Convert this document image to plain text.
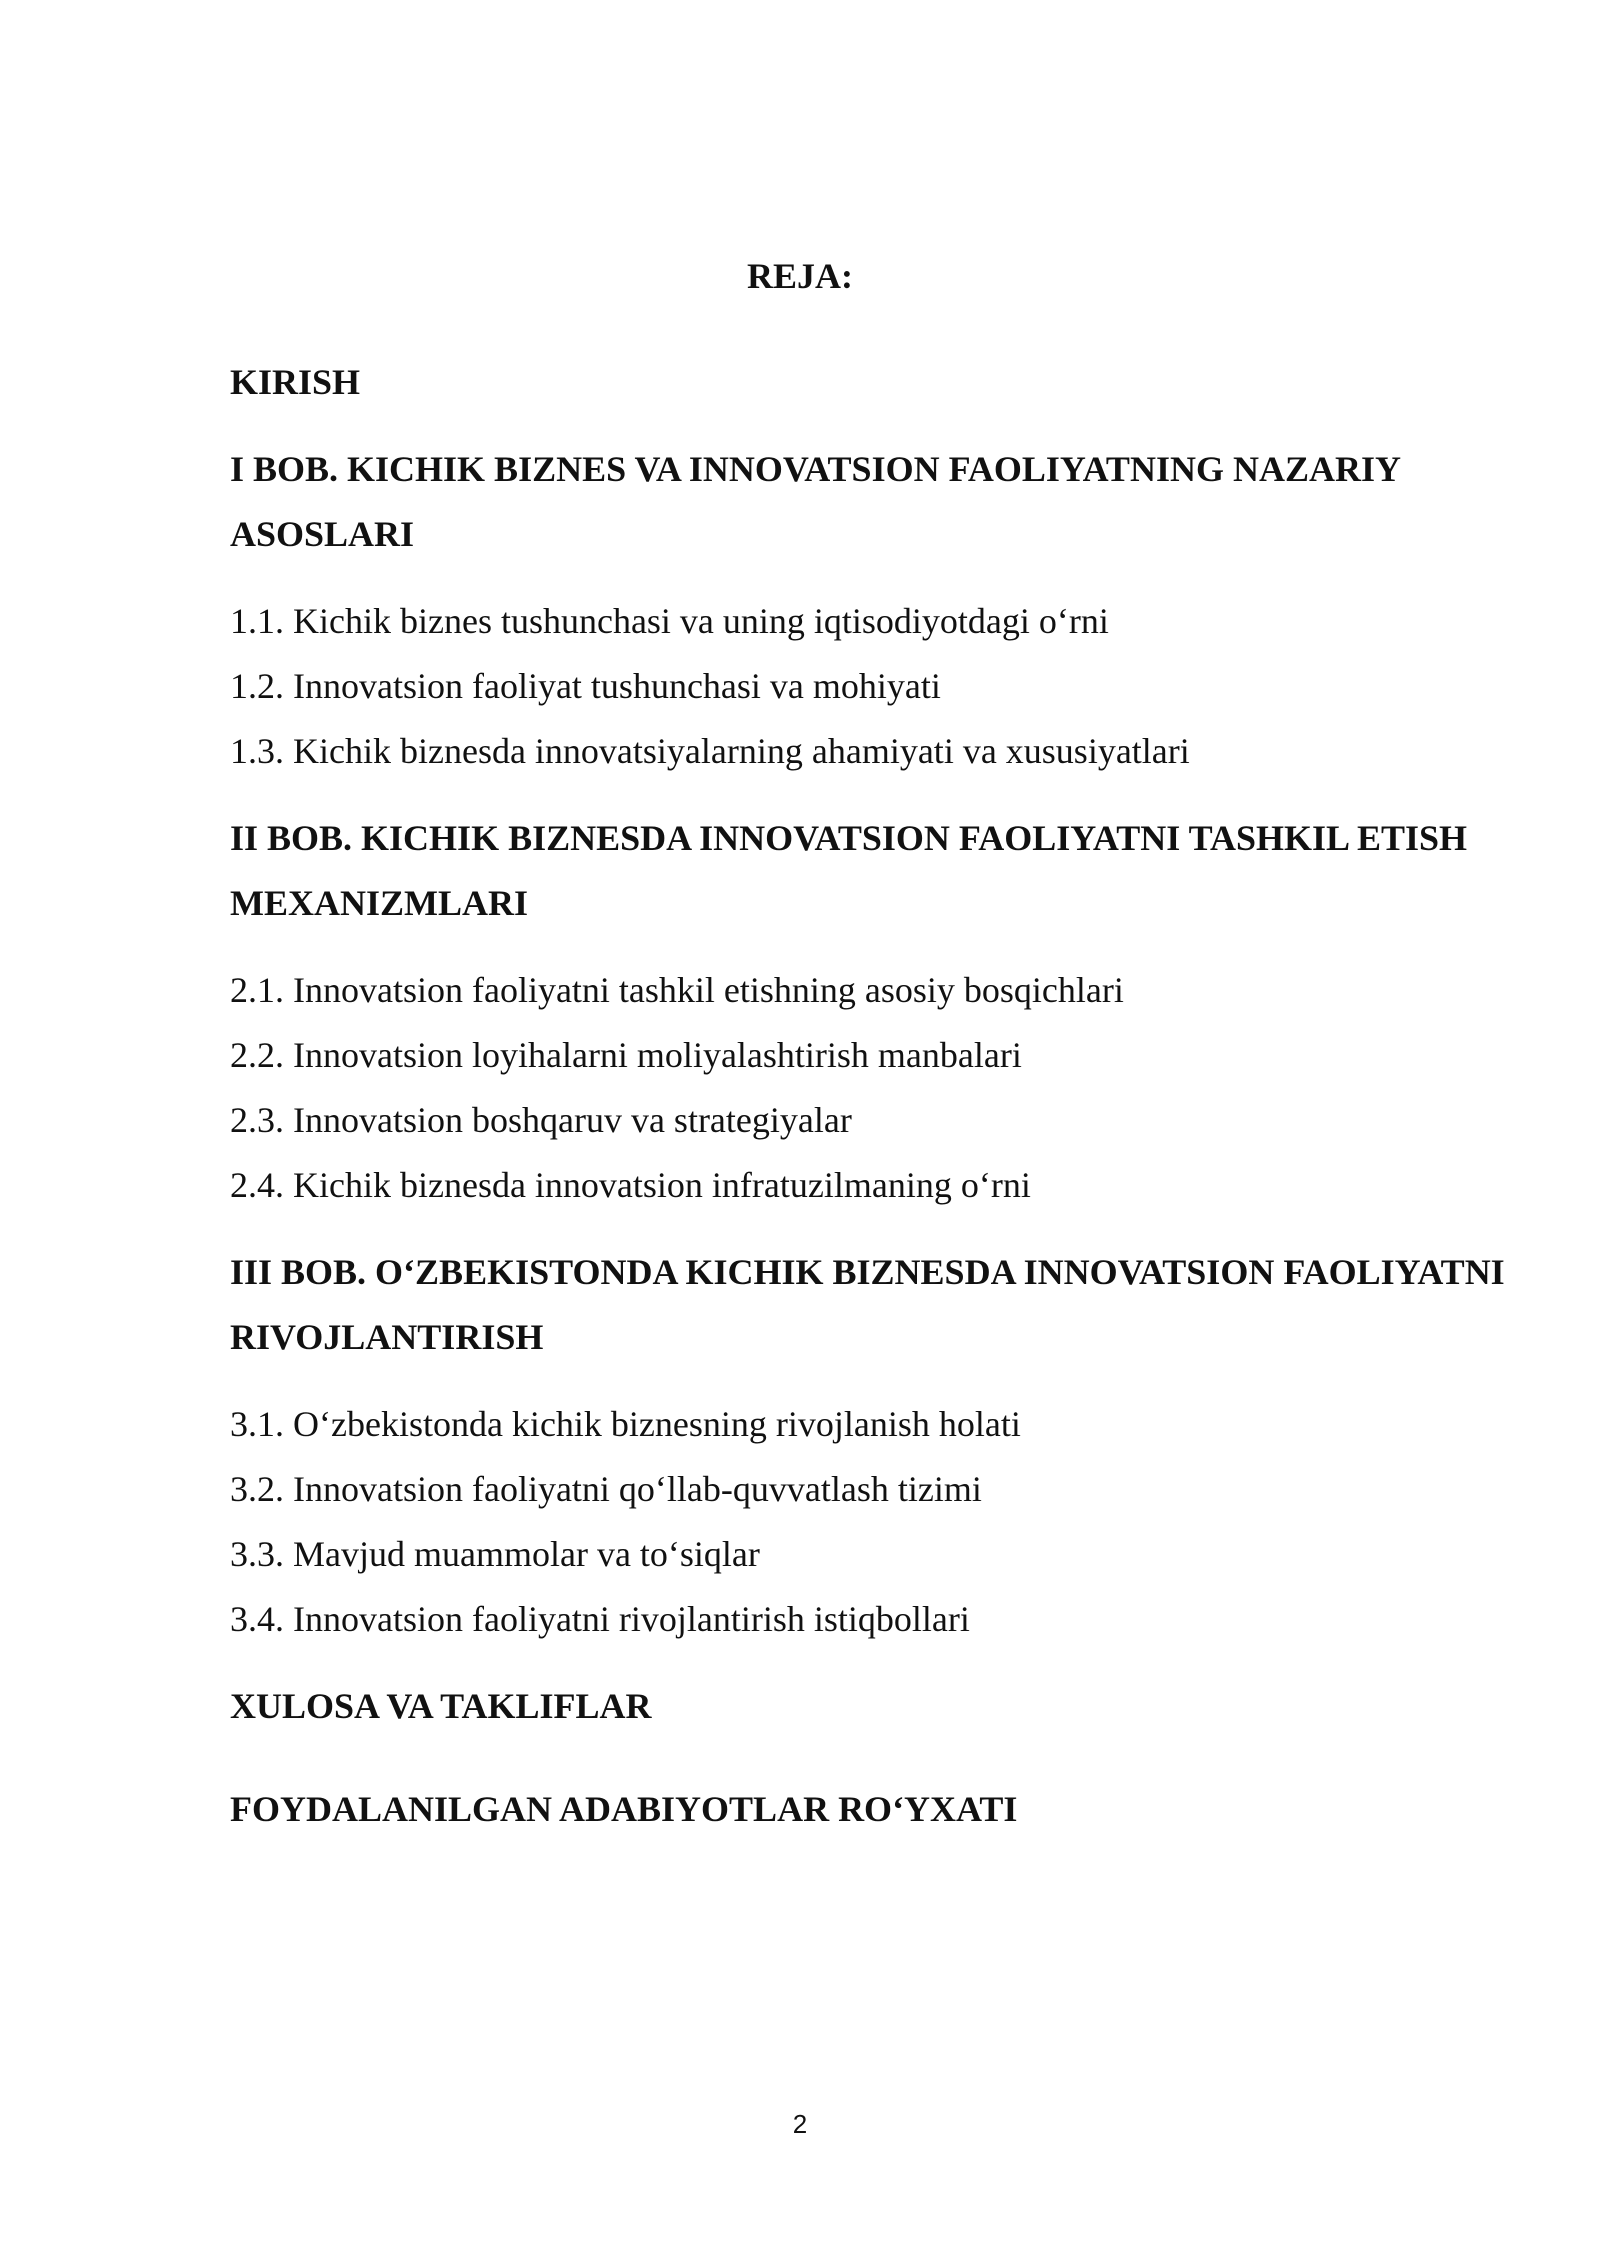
REJA:
KIRISH
I BOB. KICHIK BIZNES VA INNOVATSION FAOLIYATNING NAZARIY ASOSLARI
1.1. Kichik biznes tushunchasi va uning iqtisodiyotdagi o‘rni
1.2. Innovatsion faoliyat tushunchasi va mohiyati
1.3. Kichik biznesda innovatsiyalarning ahamiyati va xususiyatlari
II BOB. KICHIK BIZNESDA INNOVATSION FAOLIYATNI TASHKIL ETISH MEXANIZMLARI
2.1. Innovatsion faoliyatni tashkil etishning asosiy bosqichlari
2.2. Innovatsion loyihalarni moliyalashtirish manbalari
2.3. Innovatsion boshqaruv va strategiyalar
2.4. Kichik biznesda innovatsion infratuzilmaning o‘rni
III BOB. O‘ZBEKISTONDA KICHIK BIZNESDA INNOVATSION FAOLIYATNI RIVOJLANTIRISH
3.1. O‘zbekistonda kichik biznesning rivojlanish holati
3.2. Innovatsion faoliyatni qo‘llab-quvvatlash tizimi
3.3. Mavjud muammolar va to‘siqlar
3.4. Innovatsion faoliyatni rivojlantirish istiqbollari
XULOSA VA TAKLIFLAR
FOYDALANILGAN ADABIYOTLAR RO‘YXATI
2
